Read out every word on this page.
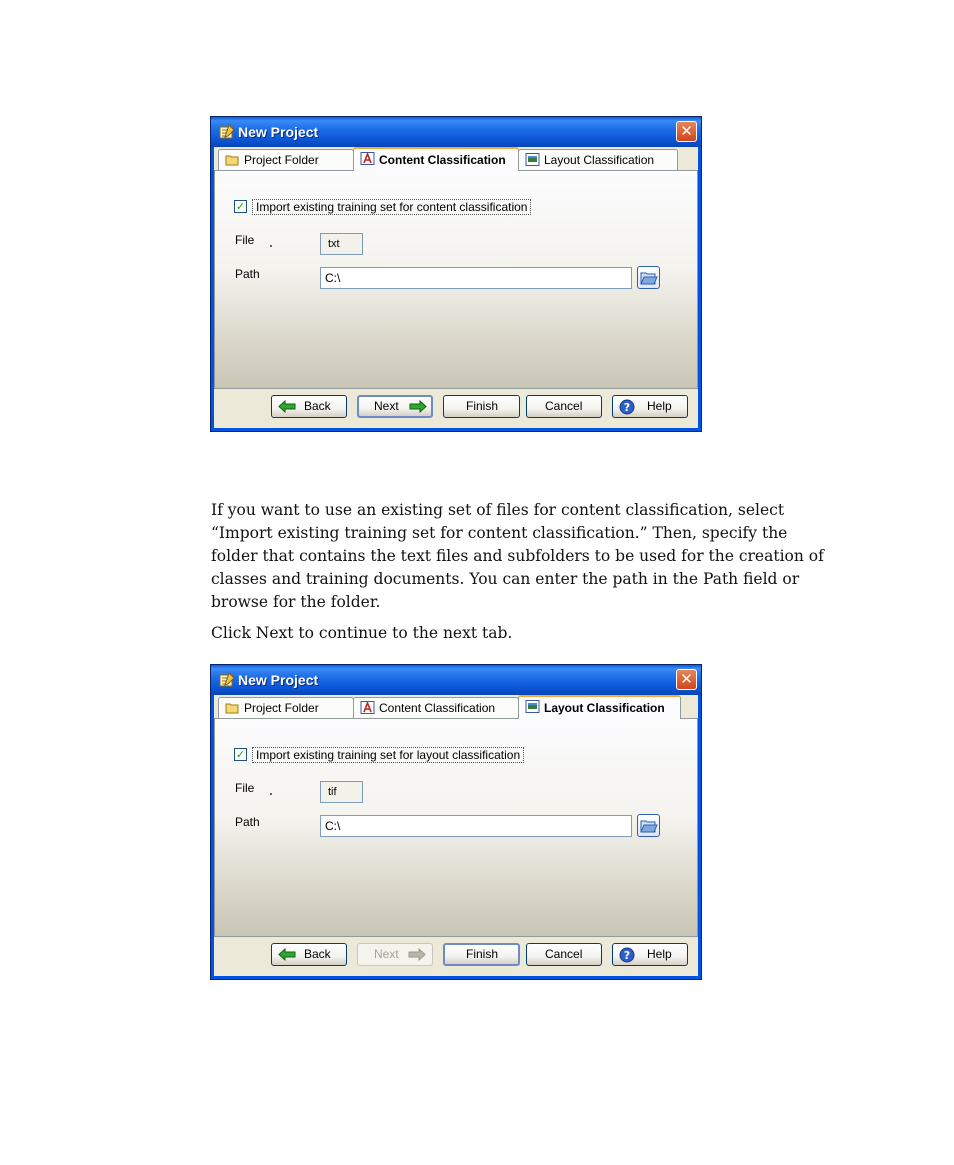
New Project	✕
Project Folder	Content Classification	Layout Classification
✓ Import existing training set for content classification
File	txt
Path	C:\
Back	Next	Finish	Cancel	? Help

If you want to use an existing set of files for content classification, select “Import existing training set for content classification.” Then, specify the folder that contains the text files and subfolders to be used for the creation of classes and training documents. You can enter the path in the Path field or browse for the folder.

Click Next to continue to the next tab.

New Project	✕
Project Folder	Content Classification	Layout Classification
✓ Import existing training set for layout classification
File	tif
Path	C:\
Back	Next	Finish	Cancel	? Help
